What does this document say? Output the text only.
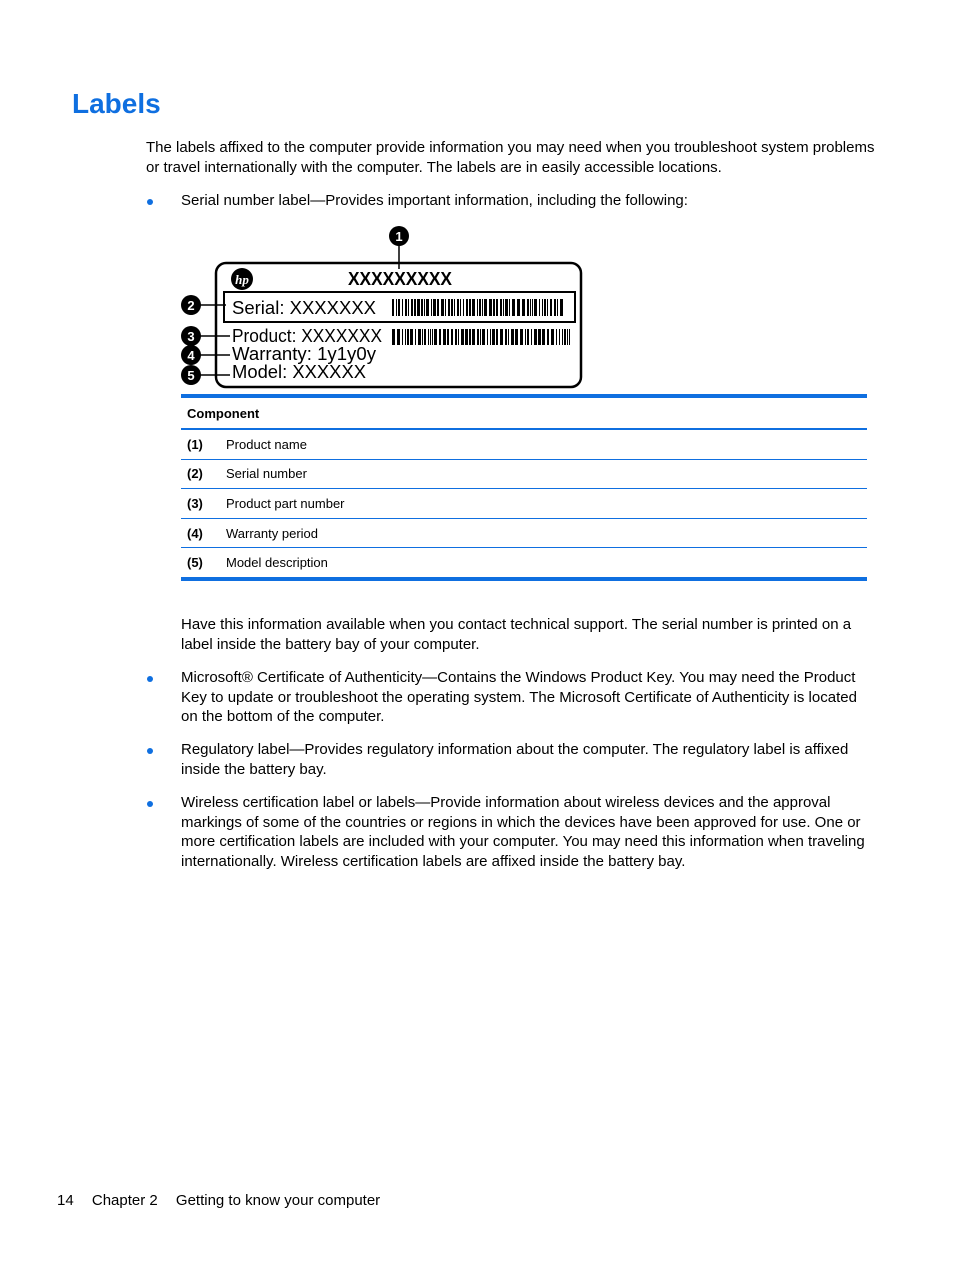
Labels

The labels affixed to the computer provide information you may need when you troubleshoot system problems or travel internationally with the computer. The labels are in easily accessible locations.

Serial number label—Provides important information, including the following:

hp	XXXXXXXXX
Serial: XXXXXXX
Product: XXXXXXX
Warranty: 1y1y0y
Model: XXXXXX
1
2
3
4
5
Component	
(1)	Product name
(2)	Serial number
(3)	Product part number
(4)	Warranty period
(5)	Model description

Have this information available when you contact technical support. The serial number is printed on a label inside the battery bay of your computer.

Microsoft® Certificate of Authenticity—Contains the Windows Product Key. You may need the Product Key to update or troubleshoot the operating system. The Microsoft Certificate of Authenticity is located on the bottom of the computer.

Regulatory label—Provides regulatory information about the computer. The regulatory label is affixed inside the battery bay.

Wireless certification label or labels—Provide information about wireless devices and the approval markings of some of the countries or regions in which the devices have been approved for use. One or more certification labels are included with your computer. You may need this information when traveling internationally. Wireless certification labels are affixed inside the battery bay.

14 Chapter 2 Getting to know your computer
